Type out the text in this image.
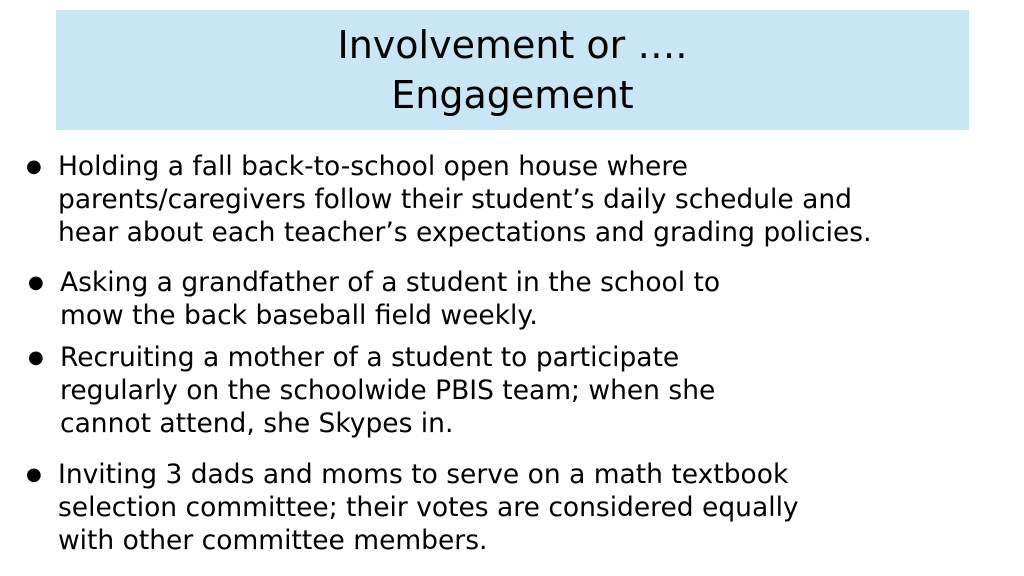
Involvement or ….
Engagement
● Holding a fall back-to-school open house where
parents/caregivers follow their student’s daily schedule and
hear about each teacher’s expectations and grading policies.
● Asking a grandfather of a student in the school to
mow the back baseball field weekly.
● Recruiting a mother of a student to participate
regularly on the schoolwide PBIS team; when she
cannot attend, she Skypes in.
● Inviting 3 dads and moms to serve on a math textbook
selection committee; their votes are considered equally
with other committee members.
